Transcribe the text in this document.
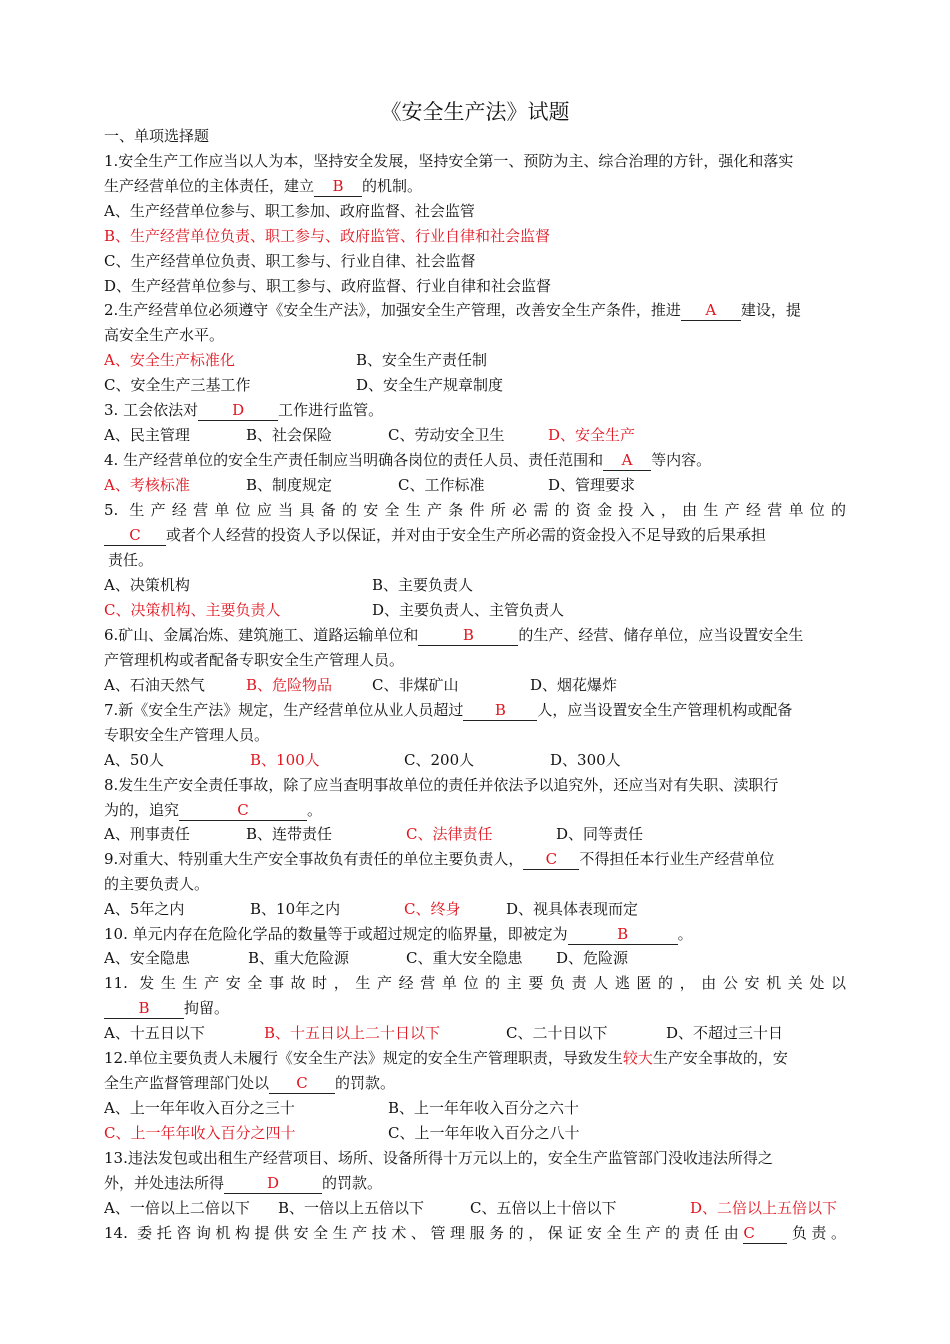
《安全生产法》试题
一、单项选择题
1.安全生产工作应当以人为本，坚持安全发展，坚持安全第一、预防为主、综合治理的方针，强化和落实
生产经营单位的主体责任，建立 B 的机制。
A、生产经营单位参与、职工参加、政府监督、社会监管
B、生产经营单位负责、职工参与、政府监管、行业自律和社会监督
C、生产经营单位负责、职工参与、行业自律、社会监督
D、生产经营单位参与、职工参与、政府监督、行业自律和社会监督
2.生产经营单位必须遵守《安全生产法》，加强安全生产管理，改善安全生产条件，推进 A 建设，提
高安全生产水平。
A、安全生产标准化	B、安全生产责任制
C、安全生产三基工作	D、安全生产规章制度
3. 工会依法对 D 工作进行监管。
A、民主管理	B、社会保险	C、劳动安全卫生	D、安全生产
4. 生产经营单位的安全生产责任制应当明确各岗位的责任人员、责任范围和 A 等内容。
A、考核标准	B、制度规定	C、工作标准	D、管理要求
5. 生产经营单位应当具备的安全生产条件所必需的资金投入，由生产经营单位的
C 或者个人经营的投资人予以保证，并对由于安全生产所必需的资金投入不足导致的后果承担
责任。
A、决策机构	B、主要负责人
C、决策机构、主要负责人	D、主要负责人、主管负责人
6.矿山、金属冶炼、建筑施工、道路运输单位和	B	的生产、经营、储存单位，应当设置安全生
产管理机构或者配备专职安全生产管理人员。
A、石油天然气	B、危险物品	C、非煤矿山	D、烟花爆炸
7.新《安全生产法》规定，生产经营单位从业人员超过 B 人，应当设置安全生产管理机构或配备
专职安全生产管理人员。
A、50人	B、100人	C、200人	D、300人
8.发生生产安全责任事故，除了应当查明事故单位的责任并依法予以追究外，还应当对有失职、渎职行
为的，追究	C	。
A、刑事责任	B、连带责任	C、法律责任	D、同等责任
9.对重大、特别重大生产安全事故负有责任的单位主要负责人， C 不得担任本行业生产经营单位
的主要负责人。
A、5年之内	B、10年之内	C、终身	D、视具体表现而定
10. 单元内存在危险化学品的数量等于或超过规定的临界量，即被定为	B	。
A、安全隐患	B、重大危险源	C、重大安全隐患 D、危险源
11. 发生生产安全事故时，生产经营单位的主要负责人逃匿的，由公安机关处以
B 拘留。
A、十五日以下	B、十五日以上二十日以下	C、二十日以下	D、不超过三十日
12.单位主要负责人未履行《安全生产法》规定的安全生产管理职责，导致发生较大生产安全事故的，安
全生产监督管理部门处以 C 的罚款。
A、上一年年收入百分之三十	B、上一年年收入百分之六十
C、上一年年收入百分之四十	C、上一年年收入百分之八十
13.违法发包或出租生产经营项目、场所、设备所得十万元以上的，安全生产监管部门没收违法所得之
外，并处违法所得	D	的罚款。
A、一倍以上二倍以下 B、一倍以上五倍以下	C、五倍以上十倍以下	D、二倍以上五倍以下
14. 委托咨询机构提供安全生产技术、管理服务的，保证安全生产的责任由C 负责。
